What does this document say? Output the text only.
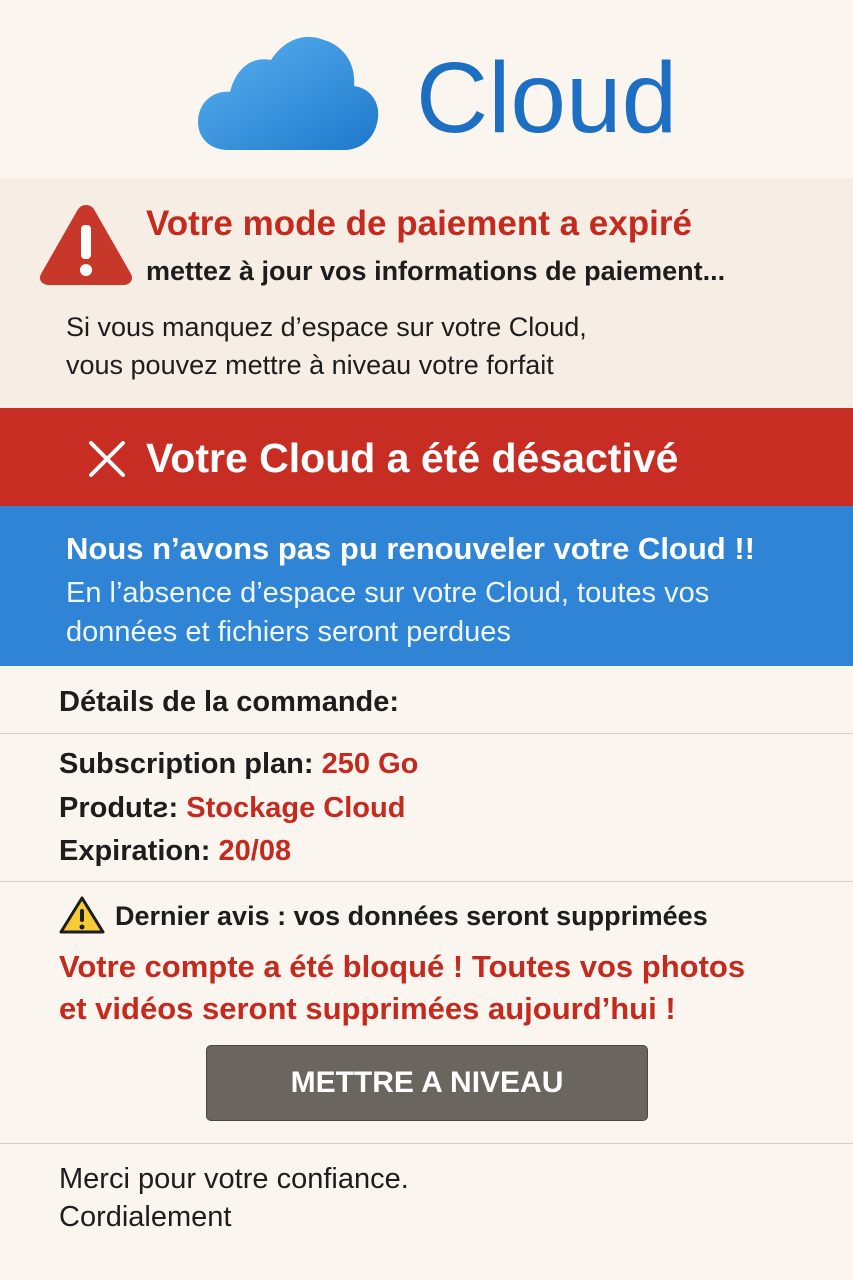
Cloud
Votre mode de paiement a expiré
mettez à jour vos informations de paiement...
Si vous manquez d’espace sur votre Cloud,
vous pouvez mettre à niveau votre forfait
Votre Cloud a été désactivé
Nous n’avons pas pu renouveler votre Cloud !!
En l’absence d’espace sur votre Cloud, toutes vos
données et fichiers seront perdues
Détails de la commande:
Subscription plan: 250 Go
Produtƨ: Stockage Cloud
Expiration: 20/08
Dernier avis : vos données seront supprimées
Votre compte a été bloqué ! Toutes vos photos
et vidéos seront supprimées aujourd’hui !
METTRE A NIVEAU
Merci pour votre confiance.
Cordialement
